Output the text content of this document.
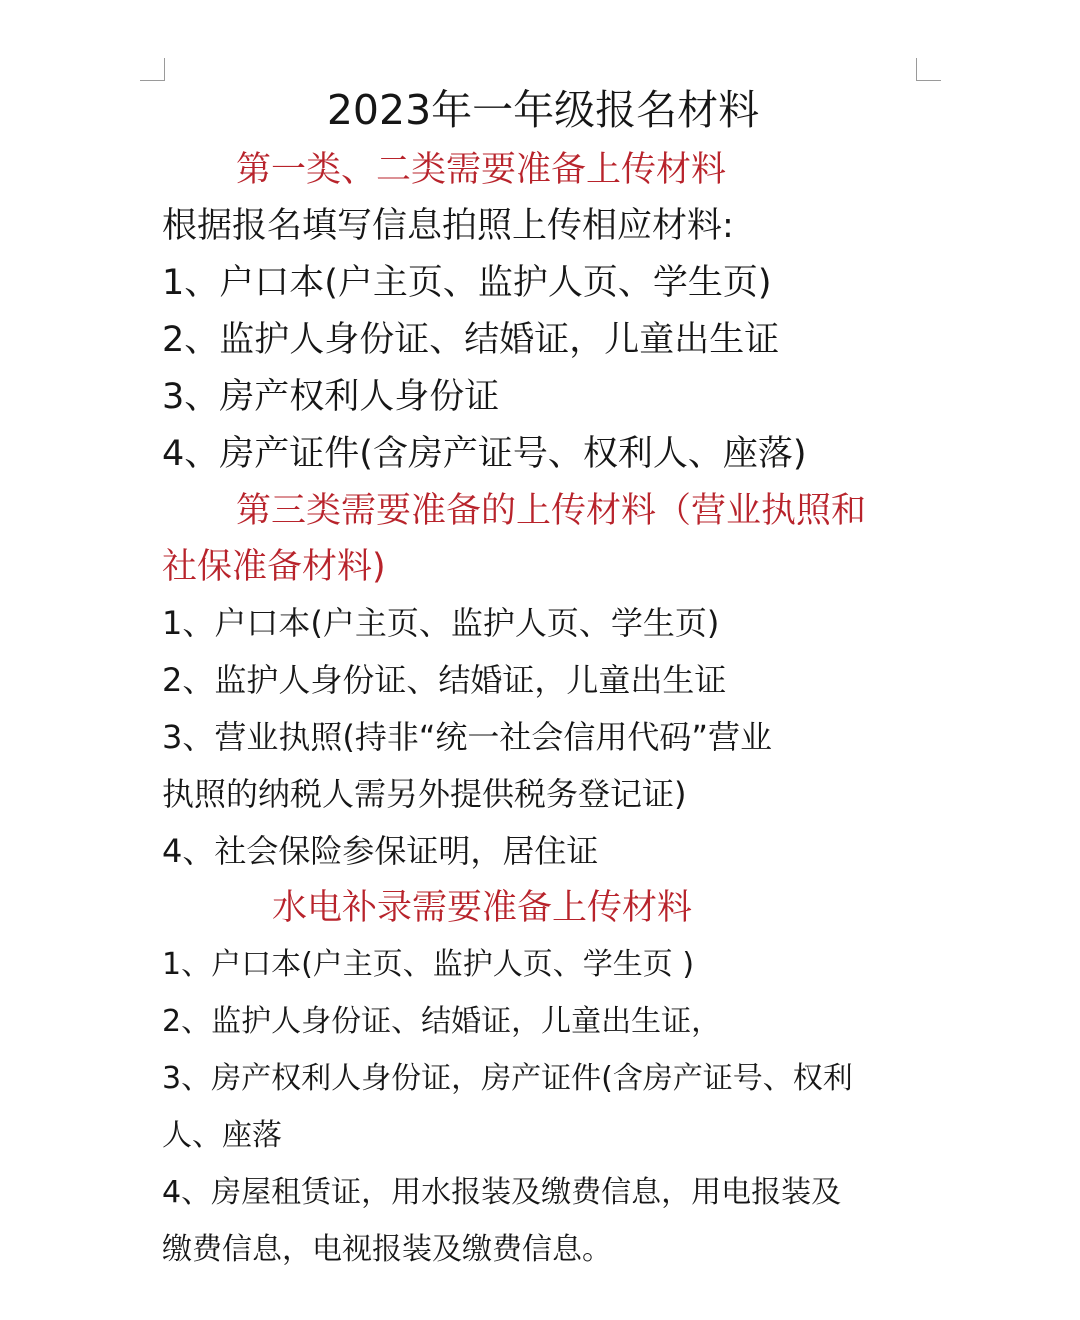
2023年一年级报名材料
第一类、二类需要准备上传材料
根据报名填写信息拍照上传相应材料:
1、户口本(户主页、监护人页、学生页)
2、监护人身份证、结婚证，儿童出生证
3、房产权利人身份证
4、房产证件(含房产证号、权利人、座落)
第三类需要准备的上传材料（营业执照和
社保准备材料)
1、户口本(户主页、监护人页、学生页)
2、监护人身份证、结婚证，儿童出生证
3、营业执照(持非“统一社会信用代码”营业
执照的纳税人需另外提供税务登记证)
4、社会保险参保证明，居住证
水电补录需要准备上传材料
1、户口本(户主页、监护人页、学生页 )
2、监护人身份证、结婚证，儿童出生证，
3、房产权利人身份证，房产证件(含房产证号、权利
人、座落
4、房屋租赁证，用水报装及缴费信息，用电报装及
缴费信息，电视报装及缴费信息。
